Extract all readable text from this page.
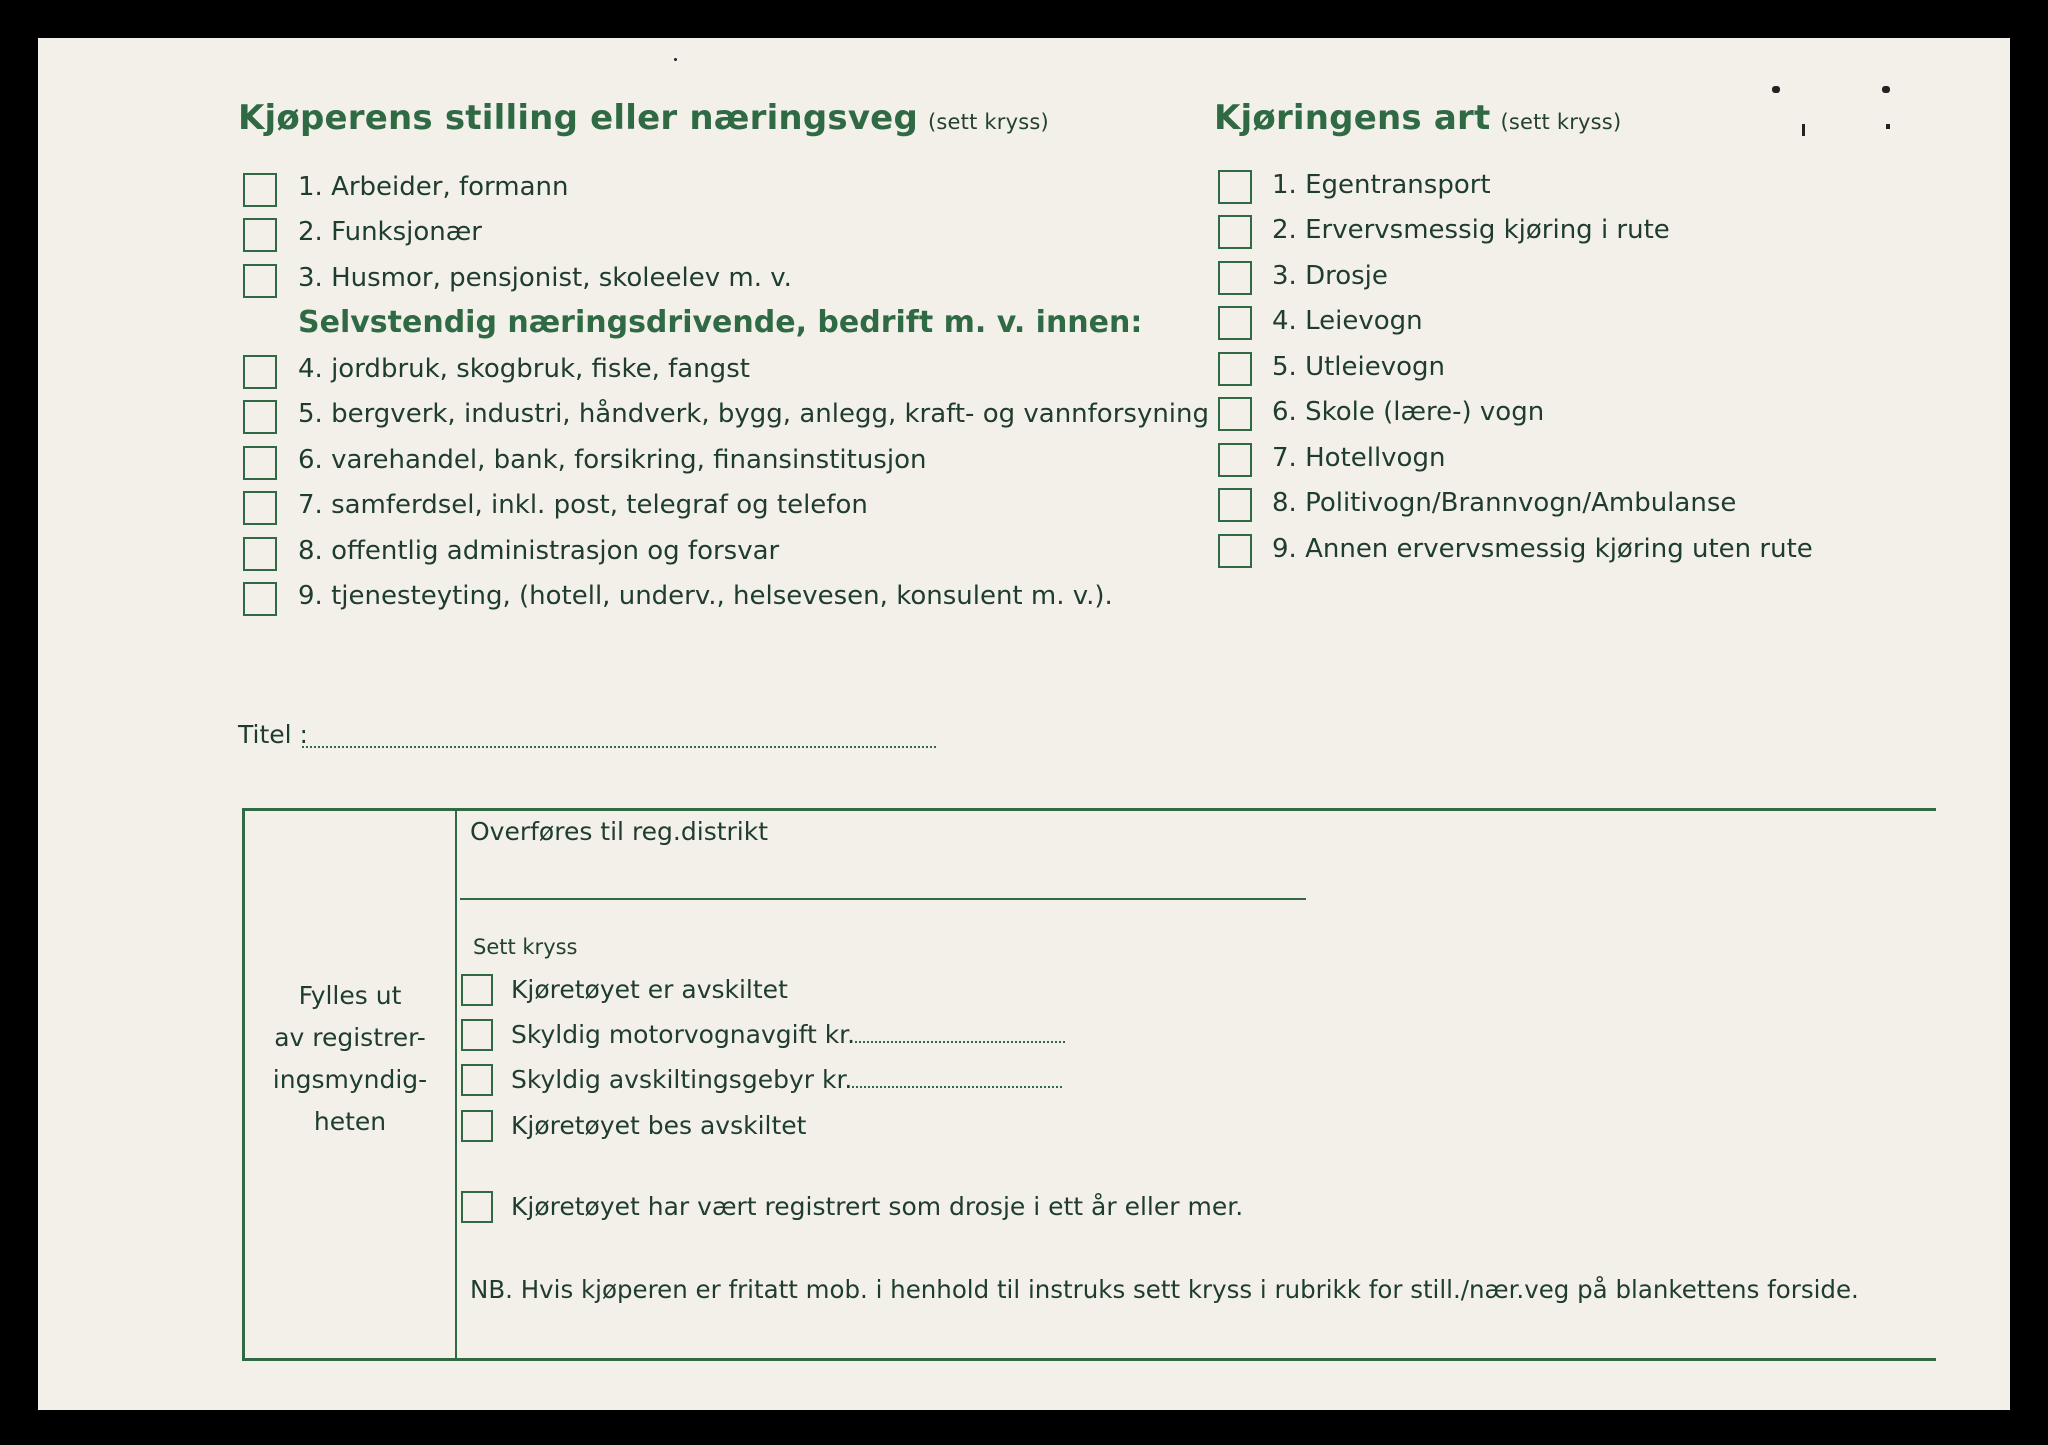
Kjøperens stilling eller næringsveg (sett kryss)
1. Arbeider, formann
2. Funksjonær
3. Husmor, pensjonist, skoleelev m. v.
Selvstendig næringsdrivende, bedrift m. v. innen:
4. jordbruk, skogbruk, fiske, fangst
5. bergverk, industri, håndverk, bygg, anlegg, kraft- og vannforsyning
6. varehandel, bank, forsikring, finansinstitusjon
7. samferdsel, inkl. post, telegraf og telefon
8. offentlig administrasjon og forsvar
9. tjenesteyting, (hotell, underv., helsevesen, konsulent m. v.).
Kjøringens art (sett kryss)
1. Egentransport
2. Ervervsmessig kjøring i rute
3. Drosje
4. Leievogn
5. Utleievogn
6. Skole (lære-) vogn
7. Hotellvogn
8. Politivogn/Brannvogn/Ambulanse
9. Annen ervervsmessig kjøring uten rute
Titel :
Fylles ut
av registrer-
ingsmyndig-
heten
Overføres til reg.distrikt
Sett kryss
Kjøretøyet er avskiltet
Skyldig motorvognavgift kr.
Skyldig avskiltingsgebyr kr.
Kjøretøyet bes avskiltet
Kjøretøyet har vært registrert som drosje i ett år eller mer.
NB. Hvis kjøperen er fritatt mob. i henhold til instruks sett kryss i rubrikk for still./nær.veg på blankettens forside.
